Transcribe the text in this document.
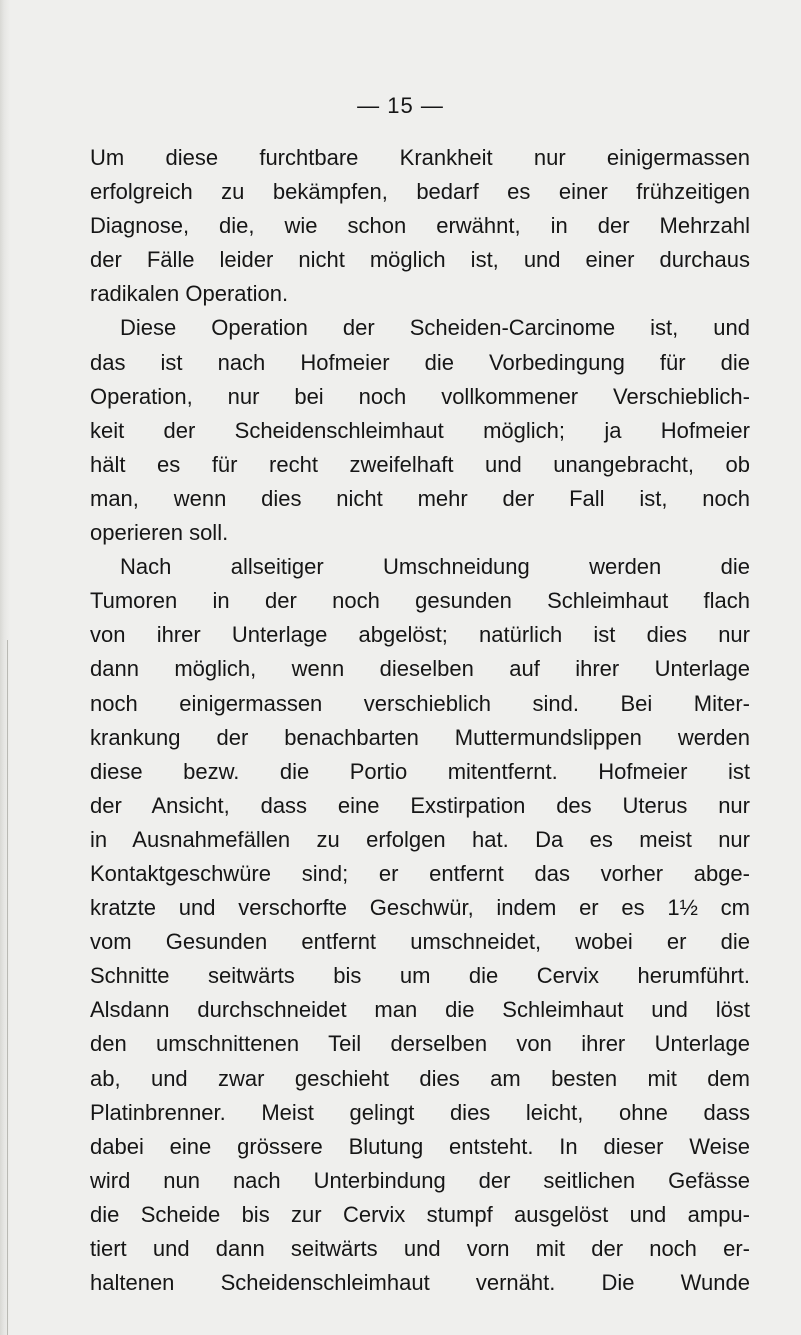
— 15 —
Um diese furchtbare Krankheit nur einigermassen
erfolgreich zu bekämpfen, bedarf es einer frühzeitigen
Diagnose, die, wie schon erwähnt, in der Mehrzahl
der Fälle leider nicht möglich ist, und einer durchaus
radikalen Operation.
Diese Operation der Scheiden-Carcinome ist, und
das ist nach Hofmeier die Vorbedingung für die
Operation, nur bei noch vollkommener Verschieblich-
keit der Scheidenschleimhaut möglich; ja Hofmeier
hält es für recht zweifelhaft und unangebracht, ob
man, wenn dies nicht mehr der Fall ist, noch
operieren soll.
Nach allseitiger Umschneidung werden die
Tumoren in der noch gesunden Schleimhaut flach
von ihrer Unterlage abgelöst; natürlich ist dies nur
dann möglich, wenn dieselben auf ihrer Unterlage
noch einigermassen verschieblich sind. Bei Miter-
krankung der benachbarten Muttermundslippen werden
diese bezw. die Portio mitentfernt. Hofmeier ist
der Ansicht, dass eine Exstirpation des Uterus nur
in Ausnahmefällen zu erfolgen hat. Da es meist nur
Kontaktgeschwüre sind; er entfernt das vorher abge-
kratzte und verschorfte Geschwür, indem er es 1½ cm
vom Gesunden entfernt umschneidet, wobei er die
Schnitte seitwärts bis um die Cervix herumführt.
Alsdann durchschneidet man die Schleimhaut und löst
den umschnittenen Teil derselben von ihrer Unterlage
ab, und zwar geschieht dies am besten mit dem
Platinbrenner. Meist gelingt dies leicht, ohne dass
dabei eine grössere Blutung entsteht. In dieser Weise
wird nun nach Unterbindung der seitlichen Gefässe
die Scheide bis zur Cervix stumpf ausgelöst und ampu-
tiert und dann seitwärts und vorn mit der noch er-
haltenen Scheidenschleimhaut vernäht. Die Wunde
